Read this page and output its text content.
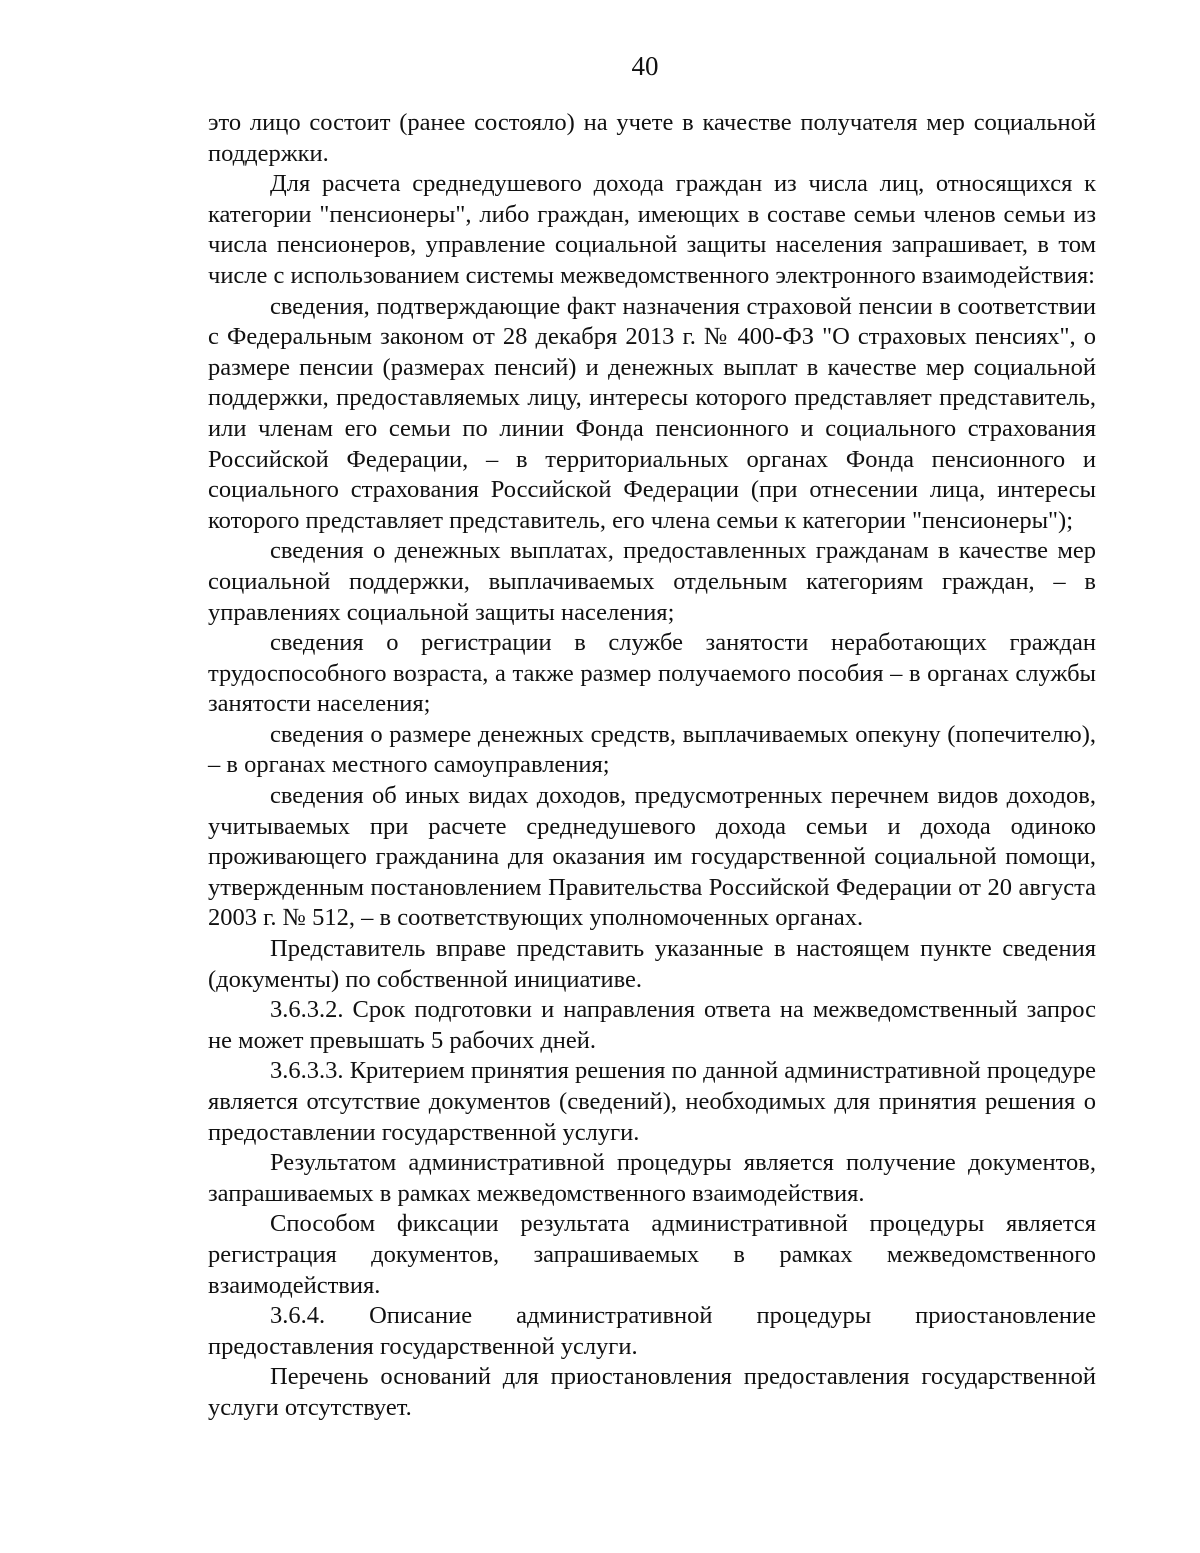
40

это лицо состоит (ранее состояло) на учете в качестве получателя мер социальной поддержки.

Для расчета среднедушевого дохода граждан из числа лиц, относящихся к категории "пенсионеры", либо граждан, имеющих в составе семьи членов семьи из числа пенсионеров, управление социальной защиты населения запрашивает, в том числе с использованием системы межведомственного электронного взаимодействия:

сведения, подтверждающие факт назначения страховой пенсии в соответствии с Федеральным законом от 28 декабря 2013 г. № 400-ФЗ "О страховых пенсиях", о размере пенсии (размерах пенсий) и денежных выплат в качестве мер социальной поддержки, предоставляемых лицу, интересы которого представляет представитель, или членам его семьи по линии Фонда пенсионного и социального страхования Российской Федерации, – в территориальных органах Фонда пенсионного и социального страхования Российской Федерации (при отнесении лица, интересы которого представляет представитель, его члена семьи к категории "пенсионеры");

сведения о денежных выплатах, предоставленных гражданам в качестве мер социальной поддержки, выплачиваемых отдельным категориям граждан, – в управлениях социальной защиты населения;

сведения о регистрации в службе занятости неработающих граждан трудоспособного возраста, а также размер получаемого пособия – в органах службы занятости населения;

сведения о размере денежных средств, выплачиваемых опекуну (попечителю), – в органах местного самоуправления;

сведения об иных видах доходов, предусмотренных перечнем видов доходов, учитываемых при расчете среднедушевого дохода семьи и дохода одиноко проживающего гражданина для оказания им государственной социальной помощи, утвержденным постановлением Правительства Российской Федерации от 20 августа 2003 г. № 512, – в соответствующих уполномоченных органах.

Представитель вправе представить указанные в настоящем пункте сведения (документы) по собственной инициативе.

3.6.3.2. Срок подготовки и направления ответа на межведомственный запрос не может превышать 5 рабочих дней.

3.6.3.3. Критерием принятия решения по данной административной процедуре является отсутствие документов (сведений), необходимых для принятия решения о предоставлении государственной услуги.

Результатом административной процедуры является получение документов, запрашиваемых в рамках межведомственного взаимодействия.

Способом фиксации результата административной процедуры является регистрация документов, запрашиваемых в рамках межведомственного взаимодействия.

3.6.4. Описание административной процедуры приостановление предоставления государственной услуги.

Перечень оснований для приостановления предоставления государственной услуги отсутствует.
